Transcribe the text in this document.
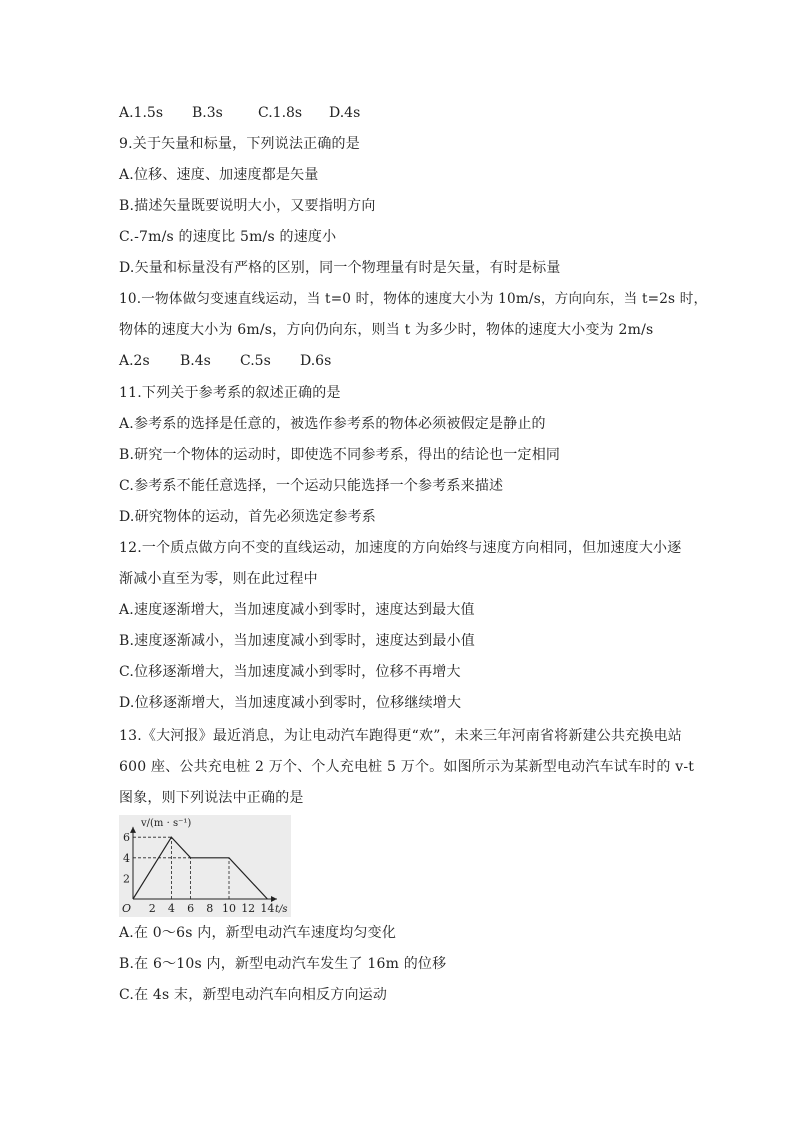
A.1.5s B.3s	C.1.8s D.4s
9.关于矢量和标量，下列说法正确的是
A.位移、速度、加速度都是矢量
B.描述矢量既要说明大小，又要指明方向
C.-7m/s 的速度比 5m/s 的速度小
D.矢量和标量没有严格的区别，同一个物理量有时是矢量，有时是标量
10.一物体做匀变速直线运动，当 t=0 时，物体的速度大小为 10m/s，方向向东，当 t=2s 时，
物体的速度大小为 6m/s，方向仍向东，则当 t 为多少时，物体的速度大小变为 2m/s
A.2s B.4s C.5s D.6s
11.下列关于参考系的叙述正确的是
A.参考系的选择是任意的，被选作参考系的物体必须被假定是静止的
B.研究一个物体的运动时，即使选不同参考系，得出的结论也一定相同
C.参考系不能任意选择，一个运动只能选择一个参考系来描述
D.研究物体的运动，首先必须选定参考系
12.一个质点做方向不变的直线运动，加速度的方向始终与速度方向相同，但加速度大小逐
渐减小直至为零，则在此过程中
A.速度逐渐增大，当加速度减小到零时，速度达到最大值
B.速度逐渐减小，当加速度减小到零时，速度达到最小值
C.位移逐渐增大，当加速度减小到零时，位移不再增大
D.位移逐渐增大，当加速度减小到零时，位移继续增大
13.《大河报》最近消息，为让电动汽车跑得更“欢”，未来三年河南省将新建公共充换电站
600 座、公共充电桩 2 万个、个人充电桩 5 万个。如图所示为某新型电动汽车试车时的 v-t
图象，则下列说法中正确的是
2 4 6 8 10 12 14
2
4
6
v/(m · s⁻¹)
t/s
O
A.在 0～6s 内，新型电动汽车速度均匀变化
B.在 6～10s 内，新型电动汽车发生了 16m 的位移
C.在 4s 末，新型电动汽车向相反方向运动
